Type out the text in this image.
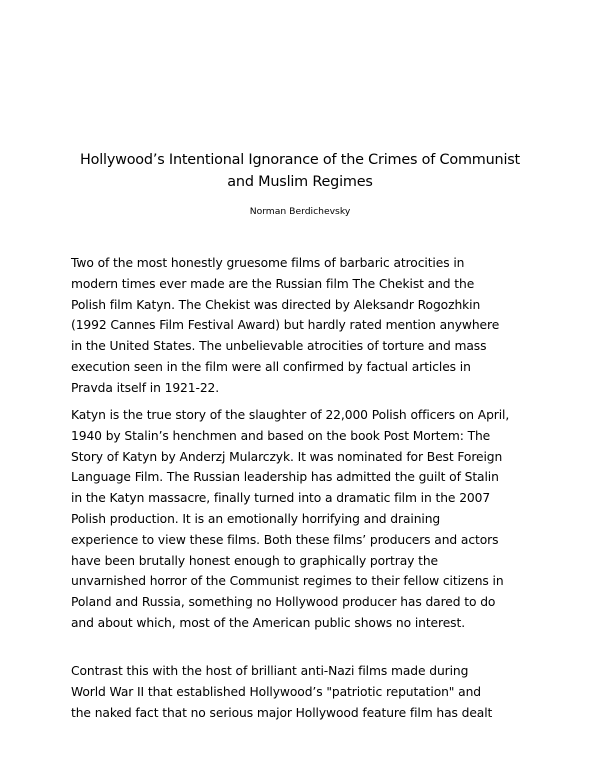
Hollywood’s Intentional Ignorance of the Crimes of Communist
and Muslim Regimes
Norman Berdichevsky
Two of the most honestly gruesome films of barbaric atrocities in
modern times ever made are the Russian film The Chekist and the
Polish film Katyn. The Chekist was directed by Aleksandr Rogozhkin
(1992 Cannes Film Festival Award) but hardly rated mention anywhere
in the United States. The unbelievable atrocities of torture and mass
execution seen in the film were all confirmed by factual articles in
Pravda itself in 1921-22.
Katyn is the true story of the slaughter of 22,000 Polish officers on April,
1940 by Stalin’s henchmen and based on the book Post Mortem: The
Story of Katyn by Anderzj Mularczyk. It was nominated for Best Foreign
Language Film. The Russian leadership has admitted the guilt of Stalin
in the Katyn massacre, finally turned into a dramatic film in the 2007
Polish production. It is an emotionally horrifying and draining
experience to view these films. Both these films’ producers and actors
have been brutally honest enough to graphically portray the
unvarnished horror of the Communist regimes to their fellow citizens in
Poland and Russia, something no Hollywood producer has dared to do
and about which, most of the American public shows no interest.
Contrast this with the host of brilliant anti-Nazi films made during
World War II that established Hollywood’s "patriotic reputation" and
the naked fact that no serious major Hollywood feature film has dealt
